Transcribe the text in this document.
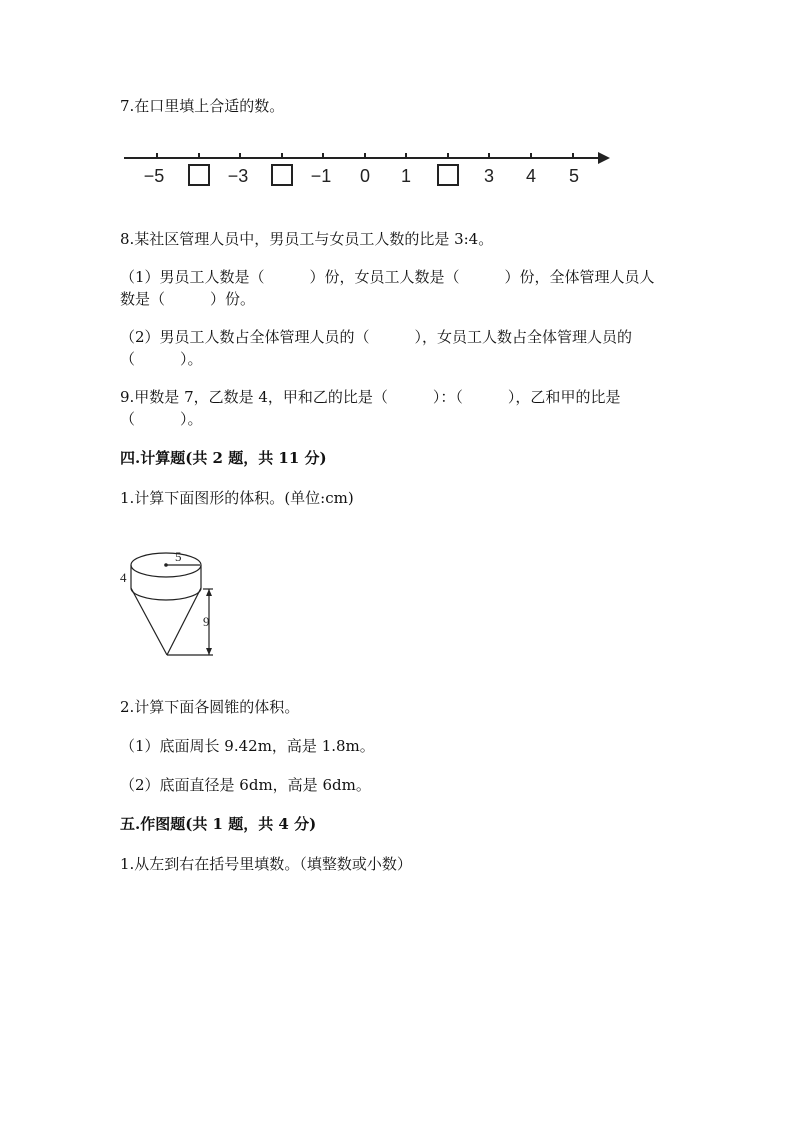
7.在口里填上合适的数。
−5	−3	−1 0 1	3 4 5
5
4
9
8.某社区管理人员中，男员工与女员工人数的比是 3:4。
（1）男员工人数是（　　　）份，女员工人数是（　　　）份，全体管理人员人
数是（　　　）份。
（2）男员工人数占全体管理人员的（　　　），女员工人数占全体管理人员的
（　　　）。
9.甲数是 7，乙数是 4，甲和乙的比是（　　　）：（　　　），乙和甲的比是
（　　　）。
四.计算题(共 2 题，共 11 分)
1.计算下面图形的体积。(单位:cm)
2.计算下面各圆锥的体积。
（1）底面周长 9.42m，高是 1.8m。
（2）底面直径是 6dm，高是 6dm。
五.作图题(共 1 题，共 4 分)
1.从左到右在括号里填数。（填整数或小数）
